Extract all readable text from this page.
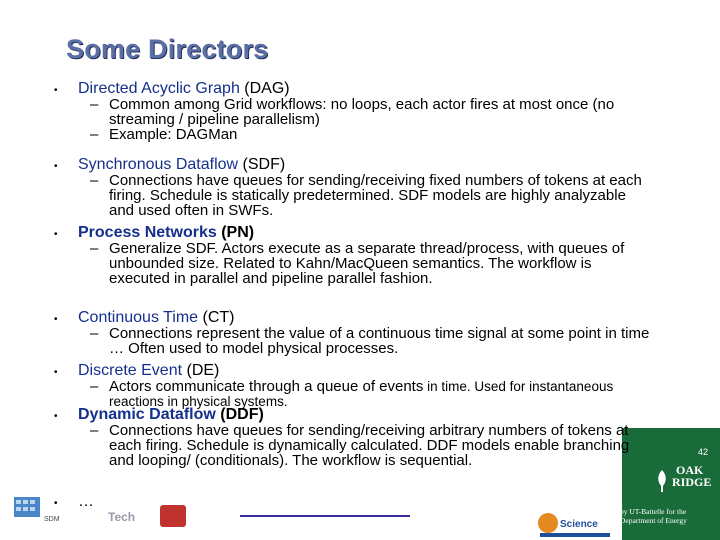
Some Directors
SDM	Tech
Science
OAK
RIDGE
by UT-Battelle for the Department of Energy
42
• Directed Acyclic Graph (DAG)
– Common among Grid workflows: no loops, each actor fires at most once (no streaming / pipeline parallelism)
– Example: DAGMan
• Synchronous Dataflow (SDF)
– Connections have queues for sending/receiving fixed numbers of tokens at each firing. Schedule is statically predetermined. SDF models are highly analyzable and used often in SWFs.
• Process Networks (PN)
– Generalize SDF. Actors execute as a separate thread/process, with queues of unbounded size. Related to Kahn/MacQueen semantics. The workflow is executed in parallel and pipeline parallel fashion.
• Continuous Time (CT)
– Connections represent the value of a continuous time signal at some point in time … Often used to model physical processes.
• Discrete Event (DE)
– Actors communicate through a queue of events in time. Used for instantaneous reactions in physical systems.
• Dynamic Dataflow (DDF)
– Connections have queues for sending/receiving arbitrary numbers of tokens at each firing. Schedule is dynamically calculated. DDF models enable branching and looping/ (conditionals). The workflow is sequential.
• …
